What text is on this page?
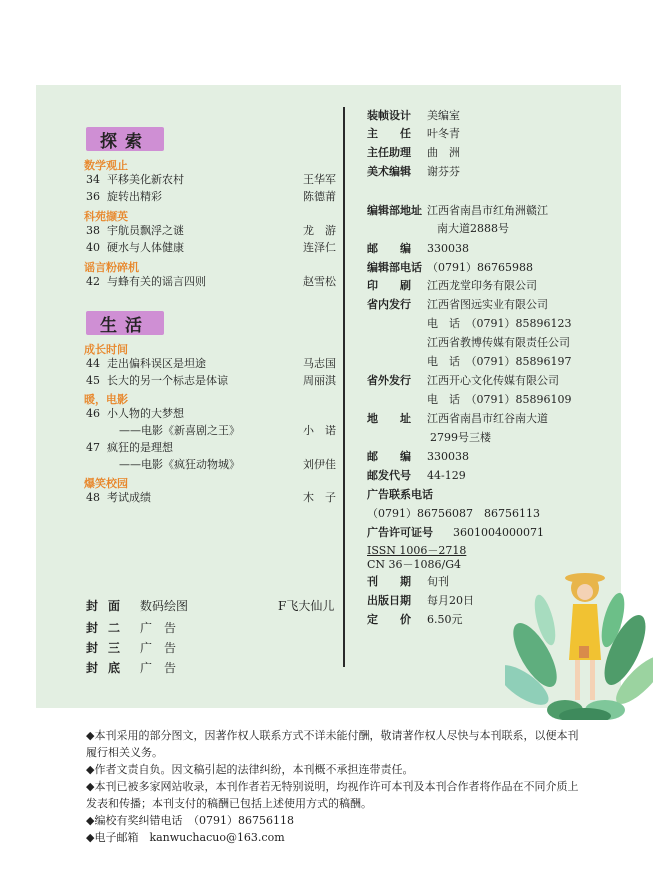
探索
数学观止
34 平移美化新农村	王华军
36 旋转出精彩	陈德莆
科苑撷英
38 宇航员飘浮之谜	龙　游
40 硬水与人体健康	连泽仁
谣言粉碎机
42 与蜂有关的谣言四则	赵雪松
生活
成长时间
44 走出偏科误区是坦途	马志国
45 长大的另一个标志是体谅	周丽淇
暖，电影
46 小人物的大梦想
——电影《新喜剧之王》	小　诺
47 疯狂的是理想
——电影《疯狂动物城》	刘伊佳
爆笑校园
48 考试成绩	木　子
封面 数码绘图	F飞大仙儿
封二 广　告
封三 广　告
封底 广　告
装帧设计 美编室
主　　任 叶冬青
主任助理 曲　洲
美术编辑 谢芬芬
编辑部地址 江西省南昌市红角洲赣江
南大道2888号
邮　　编 330038
编辑部电话 （0791）86765988
印　　刷 江西龙堂印务有限公司
省内发行 江西省图远实业有限公司
电　话　（0791）85896123
江西省教博传媒有限责任公司
电　话　（0791）85896197
省外发行 江西开心文化传媒有限公司
电　话　（0791）85896109
地　　址 江西省南昌市红谷南大道
2799号三楼
邮　　编 330038
邮发代号 44-129
广告联系电话
（0791）86756087　86756113
广告许可证号 3601004000071
ISSN 1006－2718
CN 36－1086/G4
刊　　期 旬刊
出版日期 每月20日
定　　价 6.50元

◆本刊采用的部分图文，因著作权人联系方式不详未能付酬，敬请著作权人尽快与本刊联系，以便本刊履行相关义务。

◆作者文责自负。因文稿引起的法律纠纷，本刊概不承担连带责任。

◆本刊已被多家网站收录，本刊作者若无特别说明，均视作许可本刊及本刊合作者将作品在不同介质上发表和传播；本刊支付的稿酬已包括上述使用方式的稿酬。

◆编校有奖纠错电话　（0791）86756118

◆电子邮箱　kanwuchacuo@163.com
